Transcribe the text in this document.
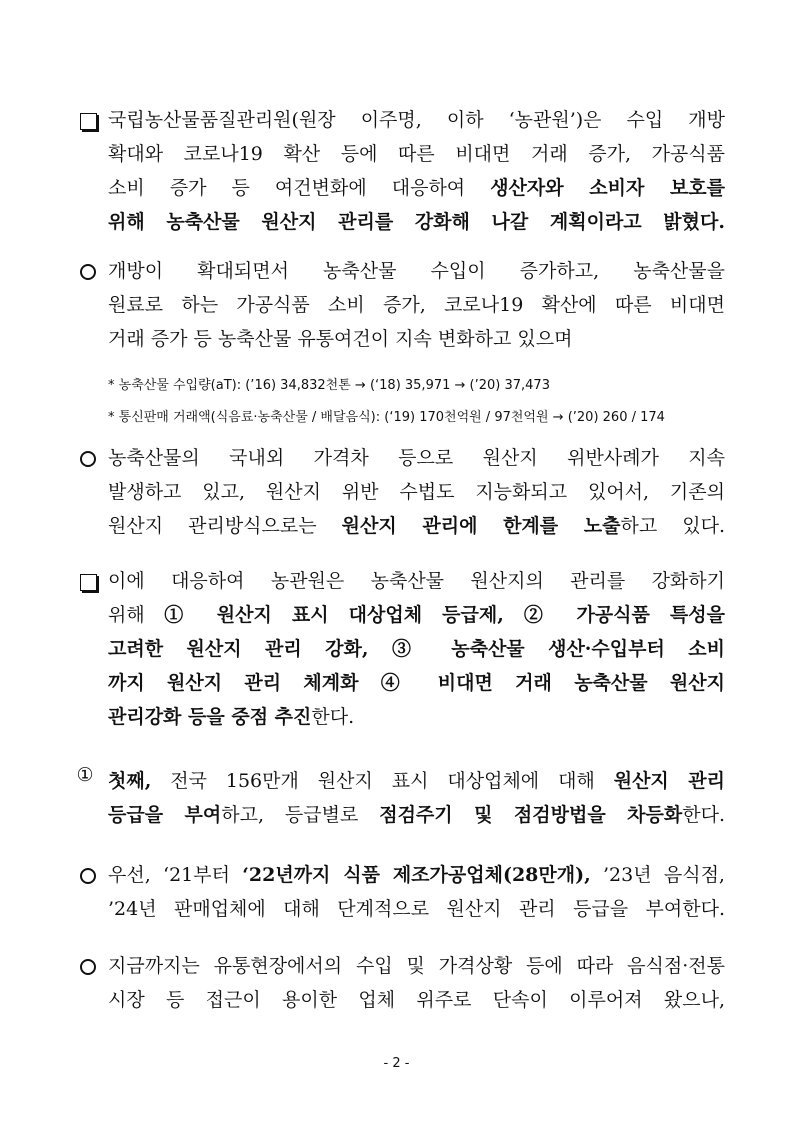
국립농산물품질관리원(원장 이주명, 이하 ‘농관원’)은 수입 개방
확대와 코로나19 확산 등에 따른 비대면 거래 증가, 가공식품
소비 증가 등 여건변화에 대응하여 생산자와 소비자 보호를
위해 농축산물 원산지 관리를 강화해 나갈 계획이라고 밝혔다.
개방이 확대되면서 농축산물 수입이 증가하고, 농축산물을
원료로 하는 가공식품 소비 증가, 코로나19 확산에 따른 비대면
거래 증가 등 농축산물 유통여건이 지속 변화하고 있으며
* 농축산물 수입량(aT): (’16) 34,832천톤 → (‘18) 35,971 → (’20) 37,473
* 통신판매 거래액(식음료·농축산물 / 배달음식): (‘19) 170천억원 / 97천억원 → (’20) 260 / 174
농축산물의 국내외 가격차 등으로 원산지 위반사례가 지속
발생하고 있고, 원산지 위반 수법도 지능화되고 있어서, 기존의
원산지 관리방식으로는 원산지 관리에 한계를 노출하고 있다.
이에 대응하여 농관원은 농축산물 원산지의 관리를 강화하기
위해 ① 원산지 표시 대상업체 등급제, ② 가공식품 특성을
고려한 원산지 관리 강화, ③ 농축산물 생산·수입부터 소비
까지 원산지 관리 체계화 ④ 비대면 거래 농축산물 원산지
관리강화 등을 중점 추진한다.
① 첫째, 전국 156만개 원산지 표시 대상업체에 대해 원산지 관리
등급을 부여하고, 등급별로 점검주기 및 점검방법을 차등화한다.
우선, ‘21부터 ‘22년까지 식품 제조가공업체(28만개), ’23년 음식점,
’24년 판매업체에 대해 단계적으로 원산지 관리 등급을 부여한다.
지금까지는 유통현장에서의 수입 및 가격상황 등에 따라 음식점·전통
시장 등 접근이 용이한 업체 위주로 단속이 이루어져 왔으나,
- 2 -
